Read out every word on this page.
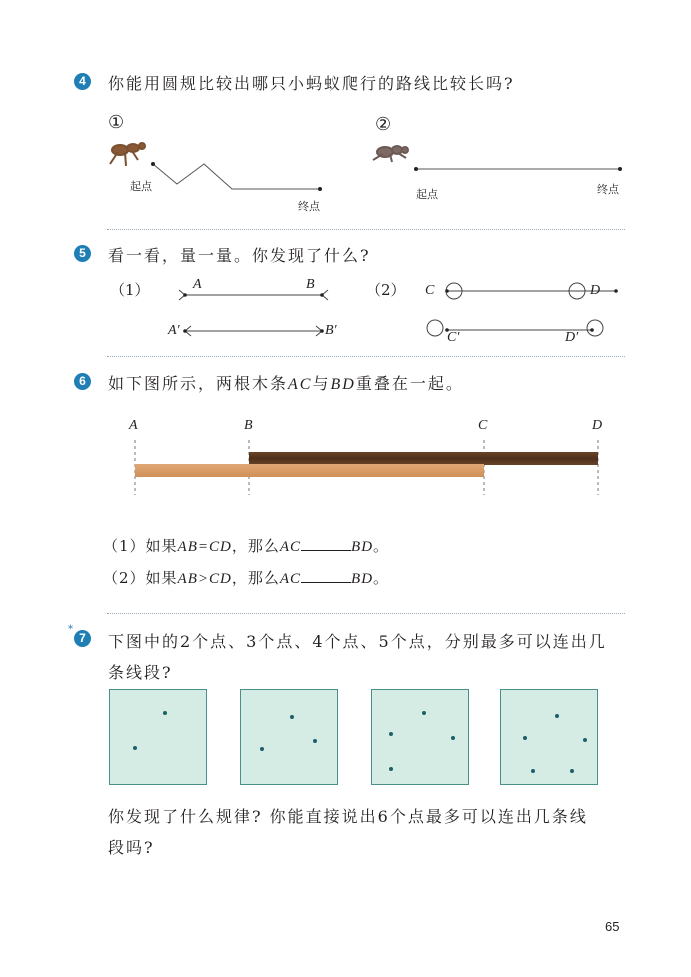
4	你能用圆规比较出哪只小蚂蚁爬行的路线比较长吗?
①	②
起点
终点
起点	终点
5	看一看，量一量。你发现了什么?
（1）	（2）
A	B
A′	B′
C	D
C′	D′
6	如下图所示，两根木条AC与BD重叠在一起。
A	B	C	D
（1）如果AB=CD，那么AC	BD。
（2）如果AB>CD，那么AC	BD。
*
7	下图中的2个点、3个点、4个点、5个点，分别最多可以连出几
条线段?
你发现了什么规律? 你能直接说出6个点最多可以连出几条线
段吗?
65
